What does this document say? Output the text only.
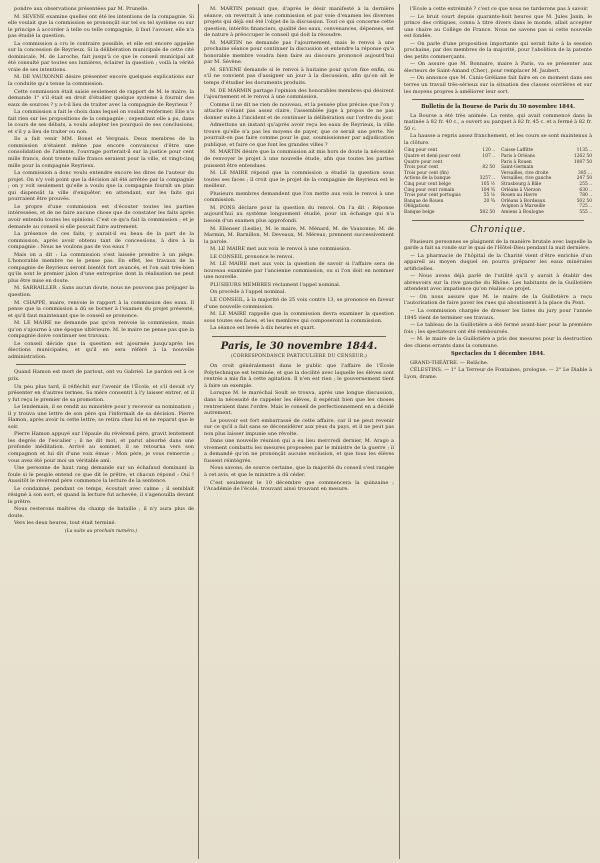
pondre aux observations présentées par M. Prunelle.

M. SEVENE examine quelles ont été les intentions de la compagnie. Si elle voulait que la commission se prononçât sur tel ou tel système ou sur le principe à accorder à telle ou telle compagnie, il faut l'avouer, elle n'a pas étudié la question.

La commission a cru le contraire possible, et elle est encore appelée sur la concession de Reyrieux. Si la délibération municipale de cette cité dominicale, M. de Laroche, fait jusqu'à ce que le conseil municipal ait été consulté par toutes ses lumières, éclairer la question ; voilà la vérité vraie de ses intentions.

M. DE VAUXONNE désire présenter encore quelques explications sur la conduite qu'a tenue la commission.

Cette commission était saisie seulement de rapport de M. le maire, la demande 1° s'il était en droit d'étudier quelque système à fournir des eaux de sources ? y a-t-il lieu de traiter avec la compagnie de Reyrieux ?

La commission a fait le choix dans lequel on voulait renfermer. Elle n'a fait rien sur les propositions de la compagnie ; cependant elle a pu, dans le cours de ses débats, a voulu adopter les pourquoi de ses conclusions, et s'il y a lieu de traiter ou non.

Ils a fait venir MM. Bonet et Vergnais. Deux membres de la commission n'étaient même pas encore convaincus d'être une consolidation de l'attente, l'ouvrage porterait-il sur la justice pour cent mille francs, dont trente mille francs seraient pour la ville, et vingt-cinq mille pour la compagnie Reyrieux.

La commission a donc voulu entendre encore les dires de l'auteur du projet. On n'y voit point que la décision ait été arrêtée par la compagnie ; on y voit seulement qu'elle a voulu que la compagnie fournît un plan qui dispensât la ville d'enquêter, en attendant, sur les faits qui pourraient être prouvés.

Le propre d'une commission est d'écouter toutes les parties intéressées, et de ne faire aucune chose que de constater les faits après avoir entendu toutes les opinions. C'est ce qu'a fait la commission ; et je demande au conseil si elle pouvait faire autrement.

La présence de ces faits, y aurait-il eu beau de la part de la commission, après avoir obtenu tant de concessions, à dire à la compagnie : Nous ne voulons pas de vos eaux ?

Mais on a dit : La commission s'est laissée prendre à un piège. L'honorable membre ne le pense pas. En effet, les travaux de la compagnie de Reyrieux seront bientôt fort avancés, et l'on sait très-bien qu'ils sont le premier jalon d'une entreprise dont la réalisation ne peut plus être mise en doute.

M. SARRAILLER : Sans aucun doute, nous ne pouvons pas préjuger la question.

M. CHAPPÉ, maire, renvoie le rapport à la commission des eaux. Il pense que la commission a dû se borner à l'examen du projet présenté, et qu'il faut maintenant que le conseil se prononce.

M. LE MAIRE ne demande pas qu'on renvoie la commission, mais qu'on s'ajourne à une époque ultérieure. M. le maire ne pense pas que la compagnie doive continuer ses travaux.

Le conseil décide que la question est ajournée jusqu'après les élections municipales, et qu'il en sera référé à la nouvelle administration.

Quand Hamon est mort de partout, ont vu Gabriel. Le pardon est à ce prix.

Un peu plus tard, il réfléchit sur l'avenir de l'École, et s'il devait s'y présenter en d'autres termes. Sa mère consentit à l'y laisser entrer, et il y fut reçu le premier de sa promotion.

Le lendemain, il se rendit au ministère pour y recevoir sa nomination ; il y trouva une lettre de son père qui l'informait de sa décision. Pierre Hamon, après avoir lu cette lettre, se retira chez lui et ne reparut que le soir.

Pierre Hamon appuyé sur l'épaule du révérend père, gravit lentement les degrés de l'escalier ; il ne dit mot, et parut absorbé dans une profonde méditation. Arrivé au sommet, il se retourna vers son compagnon et lui dit d'une voix émue : Mon père, je vous remercie ; vous avez été pour moi un véritable ami.

Une personne de haut rang demande sur un échafaud dominant la foule si le peuple entend ce que dit le prêtre, et chacun répond : Oui ! Aussitôt le révérend père commence la lecture de la sentence.

Le condamné, pendant ce temps, écoutait avec calme ; il semblait résigné à son sort, et quand la lecture fut achevée, il s'agenouilla devant le prêtre.

Nous resterons maîtres du champ de bataille ; il n'y aura plus de doute.

Vers les deux heures, tout était terminé.

(La suite au prochain numéro.)

M. MARTIN pensait que, d'après le désir manifesté à la dernière séance, on reverrait à une commission et par voie d'examen les diverses projets qui déjà ont été l'objet de la discussion. Tout ce qui concerne cette question, intérêts financiers, qualité des eaux, convenances, dépenses, est de nature à préoccuper le conseil qui doit la résoudre.

M. MARTIN ne demande pas l'ajournement, mais le renvoi à une prochaine séance pour continuer la discussion et entendre la réponse qu'a honorable membre voudra bien faire au discours prononcé aujourd'hui par M. Sévène.

M. SEVENE demande si le renvoi à huitaine pour qu'on fixe enfin, ou s'il ne convient pas d'assigner un jour à la discussion, afin qu'on ait le temps d'étudier les documents produits.

M. DE MARMIN partage l'opinion des honorables membres qui désirent l'ajournement et le renvoi à une commission.

Comme il ne dit ne rien de nouveau, et la pensée plus précise que l'on y attache n'étant pas assez claire, l'assemblée juge à propos de ne pas donner suite à l'incident et de continuer la délibération sur l'ordre du jour.

Admettons un instant qu'après avoir reçu les eaux de Reyrieux, la ville trouve qu'elle n'a pas les moyens de payer, que ce serait une perte. Ne pourrait-on pas faire comme pour le gaz, soumissionner par adjudication publique, et faire ce que font les grandes villes ?

M. MARTIN désire que la commission ait mis hors de doute la nécessité de renvoyer le projet à une nouvelle étude, afin que toutes les parties puissent être entendues.

M. LE MAIRE répond que la commission a étudié la question sous toutes ses faces ; il croit que le projet de la compagnie de Reyrieux est le meilleur.

Plusieurs membres demandent que l'on mette aux voix le renvoi à une commission.

M. PONS déclare pour la question du renvoi. On l'a dit : Réponse aujourd'hui au système longuement étudié, pour un échange qui n'a besoin d'un examen plus approfondi.

M. Ellenser (Leslie), M. le maire, M. Ménard, M. de Vauxonne, M. de Marmin, M. Barnillon, M. Deveaux, M. Méreux, prennent successivement la parole.

M. LE MAIRE met aux voix le renvoi à une commission.

LE CONSEIL prononce le renvoi.

M. LE MAIRE met aux voix la question de savoir si l'affaire sera de nouveau examinée par l'ancienne commission, ou si l'on doit en nommer une nouvelle.

PLUSIEURS MEMBRES réclament l'appel nominal.

On procède à l'appel nominal.

LE CONSEIL, à la majorité de 25 voix contre 13, se prononce en faveur d'une nouvelle commission.

M. LE MAIRE rappelle que la commission devra examiner la question sous toutes ses faces, et les membres qui composeront la commission.

La séance est levée à dix heures et quart.

Paris, le 30 novembre 1844.
(CORRESPONDANCE PARTICULIÈRE DU CENSEUR.)

On croit généralement dans le public que l'affaire de l'École Polytechnique est terminée, et que la docilité avec laquelle les élèves sont rentrés a mis fin à cette agitation. Il n'en est rien ; le gouvernement tient à faire un exemple.

Lorsque M. le maréchal Soult se trouva, après une longue discussion, dans la nécessité de rappeler les élèves, il espérait bien que les choses rentreraient dans l'ordre. Mais le conseil de perfectionnement en a décidé autrement.

Le pouvoir est fort embarrassé de cette affaire, car il ne peut revenir sur ce qu'il a fait sans se déconsidérer aux yeux du pays, et il ne peut pas non plus laisser impunie une révolte.

Dans une nouvelle réunion qui a eu lieu mercredi dernier, M. Arago a vivement combattu les mesures proposées par le ministre de la guerre ; il a demandé qu'on ne prononçât aucune exclusion, et que tous les élèves fussent réintégrés.

Nous savons, de source certaine, que la majorité du conseil s'est rangée à cet avis, et que le ministre a dû céder.

C'est seulement le 10 décembre que commencera la quinzaine ; l'Académie de l'école, trouvant ainsi trouvant en mesure.

l'École a cette extrémité ? c'est ce que nous ne tarderons pas à savoir.

— Le bruit court depuis quarante-huit heures que M. Jules Janin, le prince des critiques, connu à titre divers dans le monde, allait accepter une chaire au Collège de France. Nous ne savons pas si cette nouvelle est fondée.

— On parle d'une proposition importante qui serait faite à la session prochaine, par des membres de la majorité, pour l'abolition de la patente des petits commerçants.

— On assure que M. Bonnaire, maire à Paris, va se présenter aux électeurs de Saint-Amand (Cher), pour remplacer M. Jaubert.

— On annonce que M. Canis-Gréliane fait faire en ce moment dans ses terres un travail très-sérieux sur la situation des classes ouvrières et sur les moyens propres à améliorer leur sort.

Bulletin de la Bourse de Paris du 30 novembre 1844.

La Bourse a été très animée. La rente, qui avait commencé dans la matinée à 82 fr. 40 c., a ouvert au parquet à 82 fr. 45 c. et a fermé à 82 fr. 50 c.

La hausse a repris assez franchement, et les cours se sont maintenus à la clôture.

Cinq pour cent	120 ..
Quatre et demi pour cent	107 ..
Quatre pour cent
Trois pour cent	82 50
Trois pour cent (fin)
Actions de la banque	3257 ..
Cinq pour cent belge	105 ½
Cinq pour cent romain	104 ¾
Trois pour cent portugais	55 ⅛
Banque de Rouen	20 ¾
Obligations
Banque belge	582 50
Caisse Laffitte	1135 ..
Paris à Orléans	1262 50
Paris à Rouen	1087 50
Saint-Germain
Versailles, rive droite	385 ...
Versailles, rive gauche	247 50
Strasbourg à Bâle	255 ..
Orléans à Vierzon	630 ..
Rouen au Havre	780 ..
Orléans à Bordeaux	502 50
Avignon à Marseille	725 ..
Amiens à Boulogne	555 ..
Chronique.

Plusieurs personnes se plaignent de la manière brutale avec laquelle la garde a fait sa ronde sur le quai de l'Hôtel-Dieu pendant la nuit dernière.

— La pharmacie de l'hôpital de la Charité vient d'être enrichie d'un appareil au moyen duquel on pourra préparer les eaux minérales artificielles.

— Nous avons déjà parlé de l'utilité qu'il y aurait à établir des abreuvoirs sur la rive gauche du Rhône. Les habitants de la Guillotière attendent avec impatience qu'on réalise ce projet.

— On nous assure que M. le maire de la Guillotière a reçu l'autorisation de faire paver les rues qui aboutissent à la place du Pont.

— La commission chargée de dresser les listes du jury pour l'année 1845 vient de terminer ses travaux.

— Le tableau de la Guillotière a été fermé avant-hier pour la première fois ; les spectateurs ont été remboursés.

— M. le maire de la Guillotière a pris des mesures pour la destruction des chiens errants dans la commune.

Spectacles du 1 décembre 1844.

GRAND-THÉÂTRE. — Relâche.

CÉLESTINS. — 1° La Terreur de Fontaines, prologue. — 2° Le Diable à Lyon, drame.
